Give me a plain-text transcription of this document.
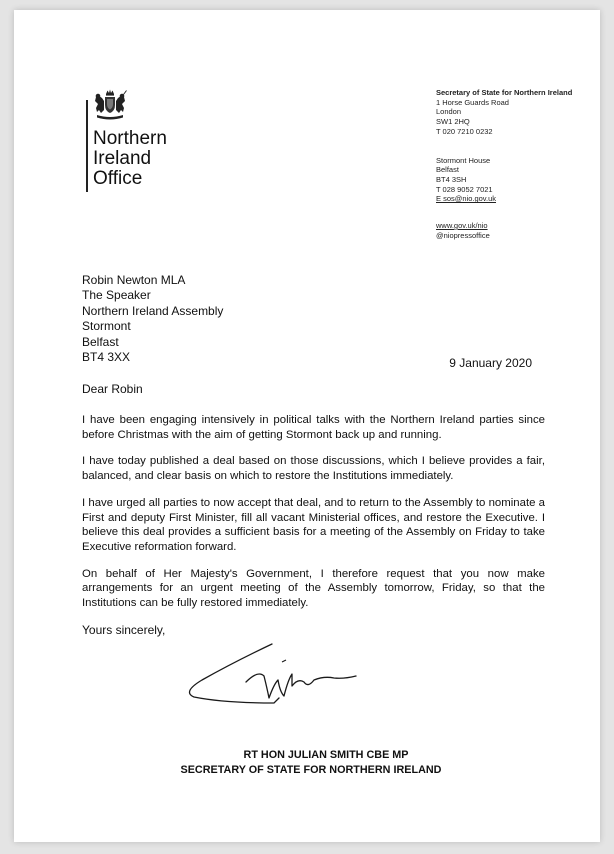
Northern
Ireland
Office
Secretary of State for Northern Ireland
1 Horse Guards Road
London
SW1 2HQ
T 020 7210 0232
Stormont House
Belfast
BT4 3SH
T 028 9052 7021
E sos@nio.gov.uk
www.gov.uk/nio
@niopressoffice
Robin Newton MLA
The Speaker
Northern Ireland Assembly
Stormont
Belfast
BT4 3XX	9 January 2020
Dear Robin

I have been engaging intensively in political talks with the Northern Ireland parties since before Christmas with the aim of getting Stormont back up and running.

I have today published a deal based on those discussions, which I believe provides a fair, balanced, and clear basis on which to restore the Institutions immediately.

I have urged all parties to now accept that deal, and to return to the Assembly to nominate a First and deputy First Minister, fill all vacant Ministerial offices, and restore the Executive. I believe this deal provides a sufficient basis for a meeting of the Assembly on Friday to take Executive reformation forward.

On behalf of Her Majesty's Government, I therefore request that you now make arrangements for an urgent meeting of the Assembly tomorrow, Friday, so that the Institutions can be fully restored immediately.

Yours sincerely,
RT HON JULIAN SMITH CBE MP
SECRETARY OF STATE FOR NORTHERN IRELAND
